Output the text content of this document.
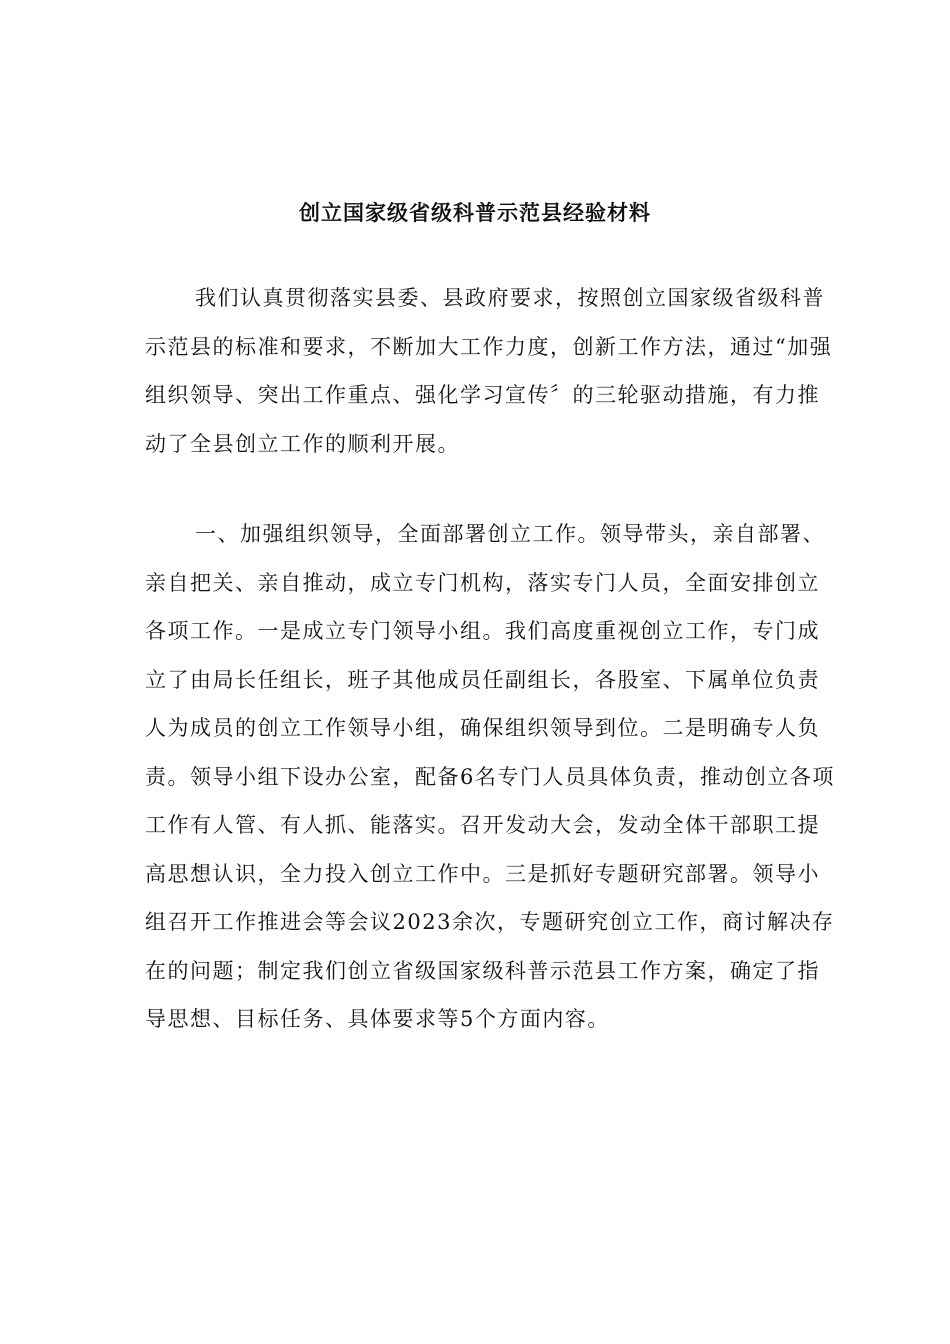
创立国家级省级科普示范县经验材料

我们认真贯彻落实县委、县政府要求，按照创立国家级省级科普示范县的标准和要求，不断加大工作力度，创新工作方法，通过“加强组织领导、突出工作重点、强化学习宣传〞的三轮驱动措施，有力推动了全县创立工作的顺利开展。

一、加强组织领导，全面部署创立工作。领导带头，亲自部署、亲自把关、亲自推动，成立专门机构，落实专门人员，全面安排创立各项工作。一是成立专门领导小组。我们高度重视创立工作，专门成立了由局长任组长，班子其他成员任副组长，各股室、下属单位负责人为成员的创立工作领导小组，确保组织领导到位。二是明确专人负责。领导小组下设办公室，配备6名专门人员具体负责，推动创立各项工作有人管、有人抓、能落实。召开发动大会，发动全体干部职工提高思想认识，全力投入创立工作中。三是抓好专题研究部署。领导小组召开工作推进会等会议2023余次，专题研究创立工作，商讨解决存在的问题；制定我们创立省级国家级科普示范县工作方案，确定了指导思想、目标任务、具体要求等5个方面内容。
